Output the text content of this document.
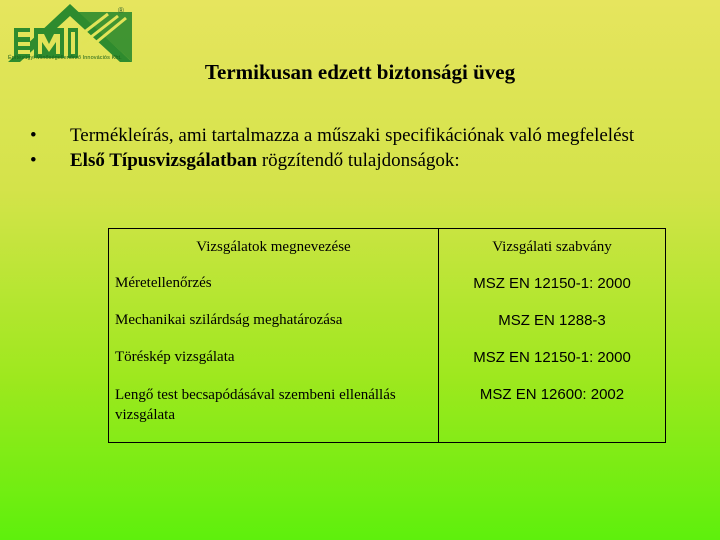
®
Építésügyi Minőségellenőrző Innovációs Kht.
Termikusan edzett biztonsági üveg
• Termékleírás, ami tartalmazza a műszaki specifikációnak való megfelelést
• Első Típusvizsgálatban rögzítendő tulajdonságok:
Vizsgálatok megnevezése	Vizsgálati szabvány
Méretellenőrzés	MSZ EN 12150-1: 2000
Mechanikai szilárdság meghatározása	MSZ EN 1288-3
Töréskép vizsgálata	MSZ EN 12150-1: 2000
Lengő test becsapódásával szembeni ellenállás vizsgálata	MSZ EN 12600: 2002
